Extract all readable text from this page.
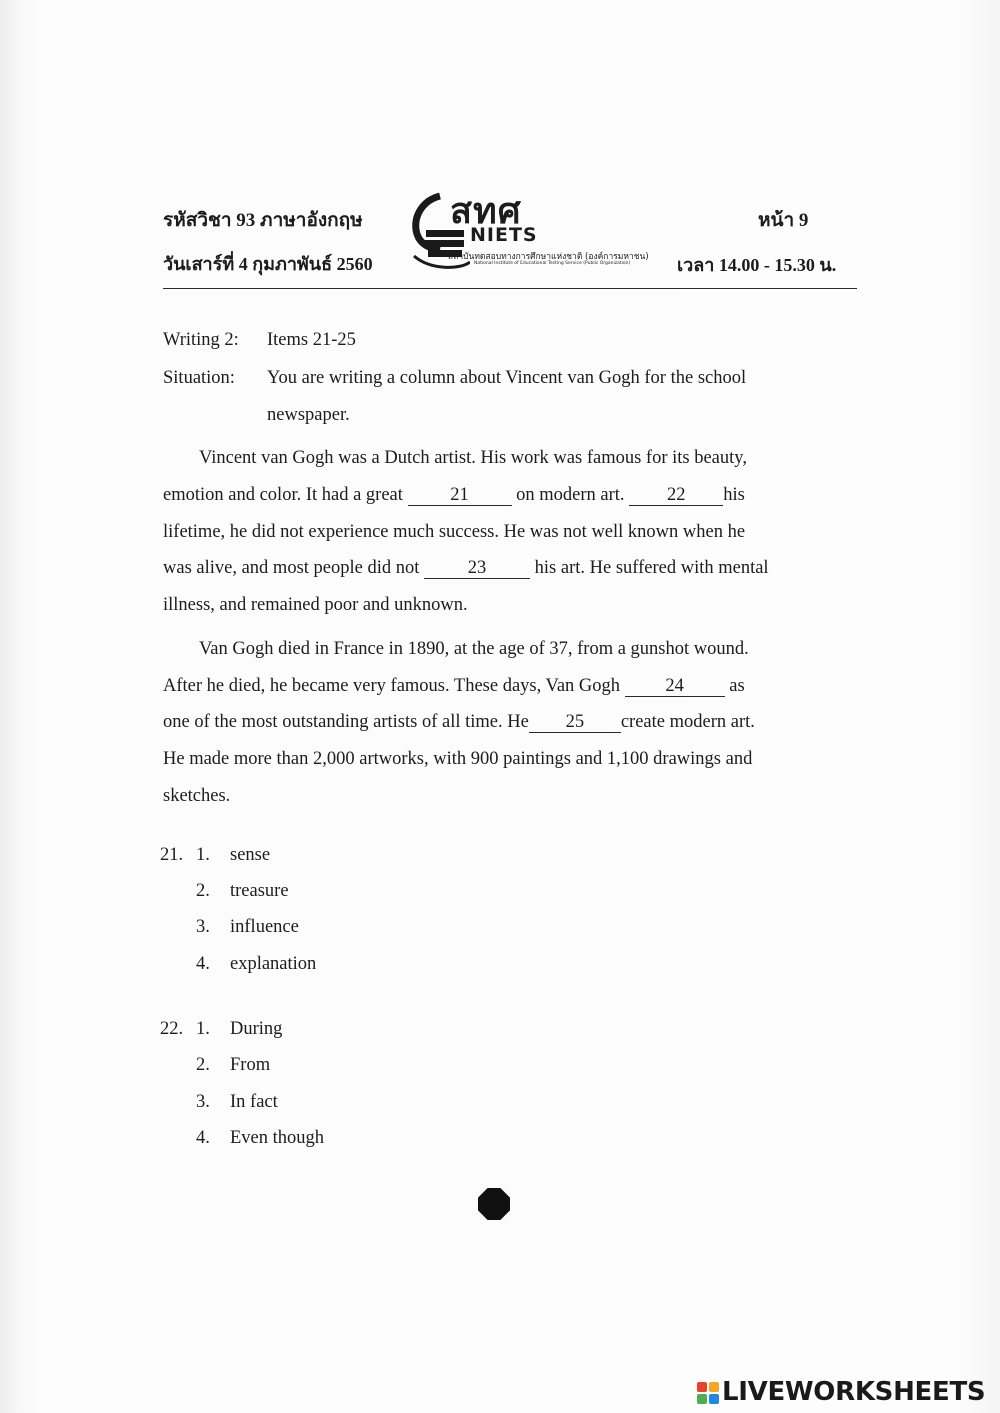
รหัสวิชา 93 ภาษาอังกฤษ
วันเสาร์ที่ 4 กุมภาพันธ์ 2560
สทศ
NIETS
สถาบันทดสอบทางการศึกษาแห่งชาติ (องค์การมหาชน)
National Institute of Educational Testing Service (Public Organization)
หน้า 9
เวลา 14.00 - 15.30 น.
Writing 2: Items 21-25
Situation: You are writing a column about Vincent van Gogh for the school
newspaper.
Vincent van Gogh was a Dutch artist. His work was famous for its beauty,
emotion and color. It had a great 21 on modern art. 22 his
lifetime, he did not experience much success. He was not well known when he
was alive, and most people did not 23 his art. He suffered with mental
illness, and remained poor and unknown.
Van Gogh died in France in 1890, at the age of 37, from a gunshot wound.
After he died, he became very famous. These days, Van Gogh 24 as
one of the most outstanding artists of all time. He 25 create modern art.
He made more than 2,000 artworks, with 900 paintings and 1,100 drawings and
sketches.
21. 1. sense
2. treasure
3. influence
4. explanation
22. 1. During
2. From
3. In fact
4. Even though
LIVEWORKSHEETS
